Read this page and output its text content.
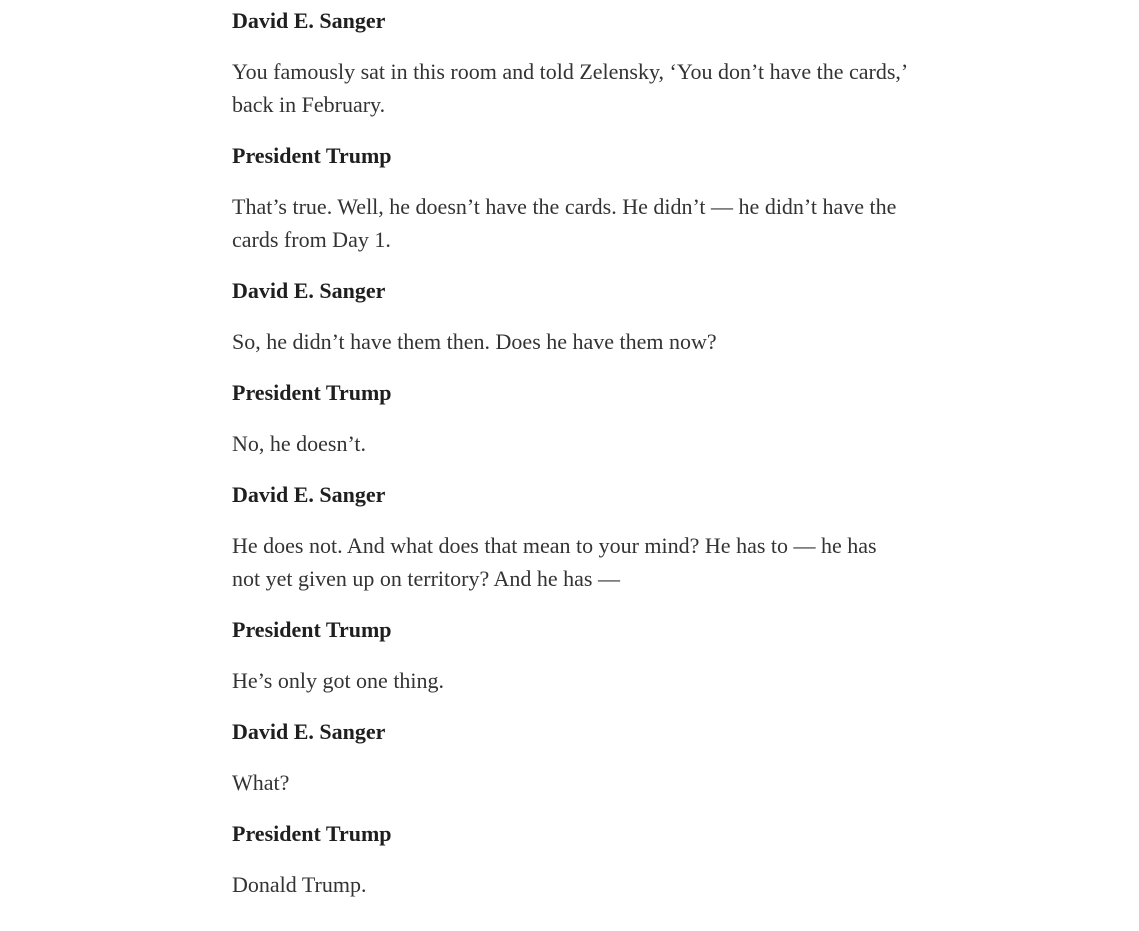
David E. Sanger

You famously sat in this room and told Zelensky, ‘You don’t have the cards,’ back in February.

President Trump

That’s true. Well, he doesn’t have the cards. He didn’t — he didn’t have the cards from Day 1.

David E. Sanger

So, he didn’t have them then. Does he have them now?

President Trump

No, he doesn’t.

David E. Sanger

He does not. And what does that mean to your mind? He has to — he has not yet given up on territory? And he has —

President Trump

He’s only got one thing.

David E. Sanger

What?

President Trump

Donald Trump.
